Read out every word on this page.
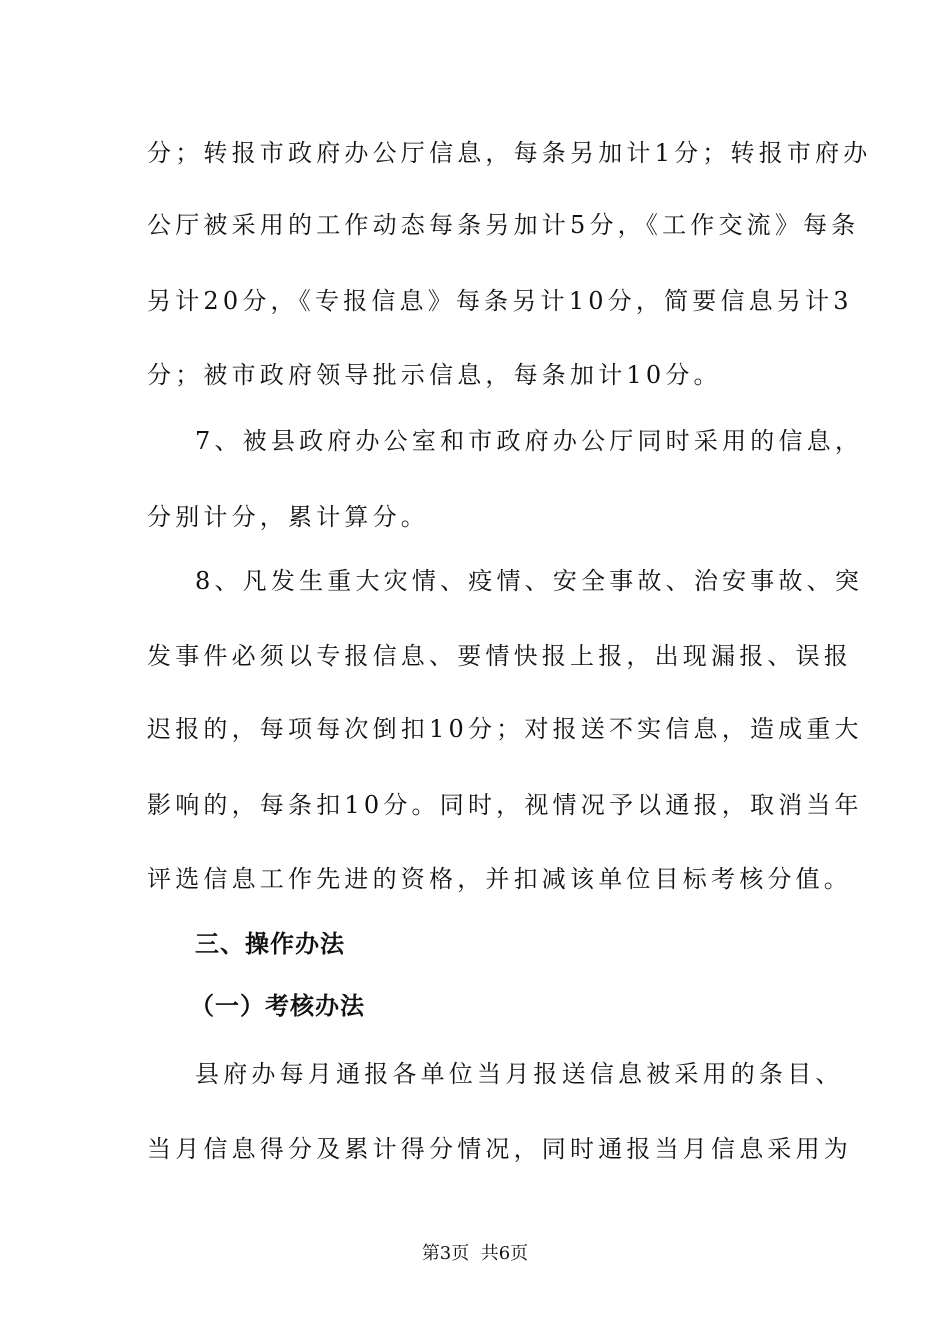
分；转报市政府办公厅信息，每条另加计1分；转报市府办
公厅被采用的工作动态每条另加计5分，《工作交流》每条
另计20分，《专报信息》每条另计10分，简要信息另计3
分；被市政府领导批示信息，每条加计10分。
7、被县政府办公室和市政府办公厅同时采用的信息，
分别计分，累计算分。
8、凡发生重大灾情、疫情、安全事故、治安事故、突
发事件必须以专报信息、要情快报上报，出现漏报、误报
迟报的，每项每次倒扣10分；对报送不实信息，造成重大
影响的，每条扣10分。同时，视情况予以通报，取消当年
评选信息工作先进的资格，并扣减该单位目标考核分值。
三、操作办法
（一）考核办法
县府办每月通报各单位当月报送信息被采用的条目、
当月信息得分及累计得分情况，同时通报当月信息采用为
第3页  共6页
